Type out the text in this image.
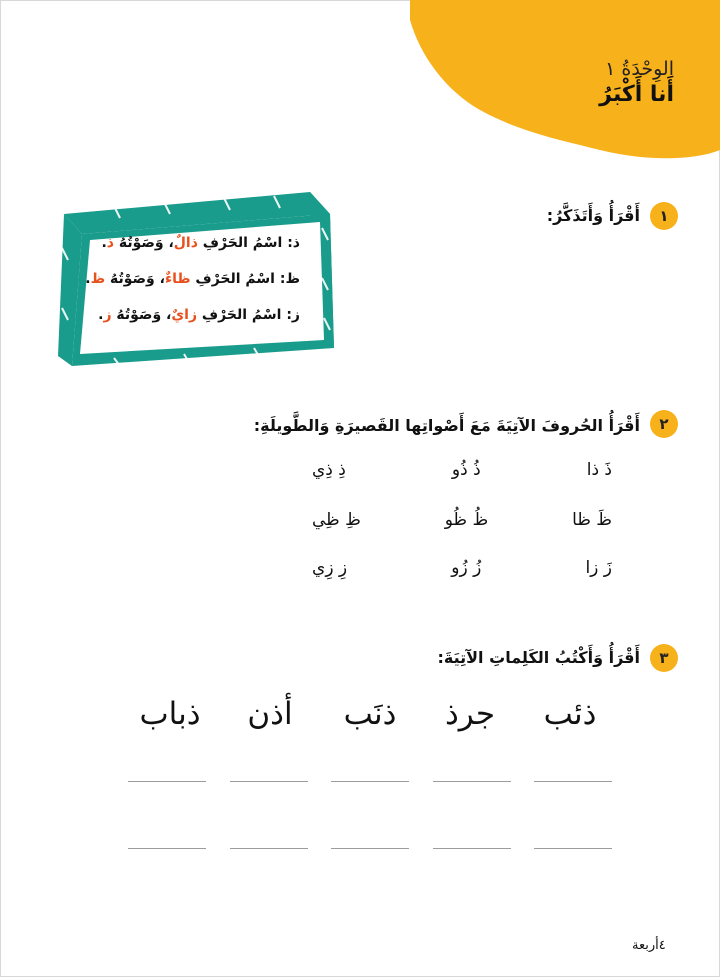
الوِحْدَةُ ١
أَنا أَكْبَرُ
١
أَقْرَأُ وَأَتَذَكَّرُ:
ذ: اسْمُ الحَرْفِ ذالٌ، وَصَوْتُهُ ذ.
ظ: اسْمُ الحَرْفِ ظاءٌ، وَصَوْتُهُ ظ.
ز: اسْمُ الحَرْفِ زايٌ، وَصَوْتُهُ ز.
٢
أَقْرَأُ الحُروفَ الآتِيَةَ مَعَ أَصْواتِها القَصيرَةِ وَالطَّويلَةِ:
ذَ ذا
ذُ ذُو
ذِ ذِي
ظَ ظا
ظُ ظُو
ظِ ظِي
زَ زا
زُ زُو
زِ زِي
٣
أَقْرَأُ وَأَكْتُبُ الكَلِماتِ الآتِيَةَ:
ذئب
جرذ
ذنَب
أذن
ذباب
٤أربعة
